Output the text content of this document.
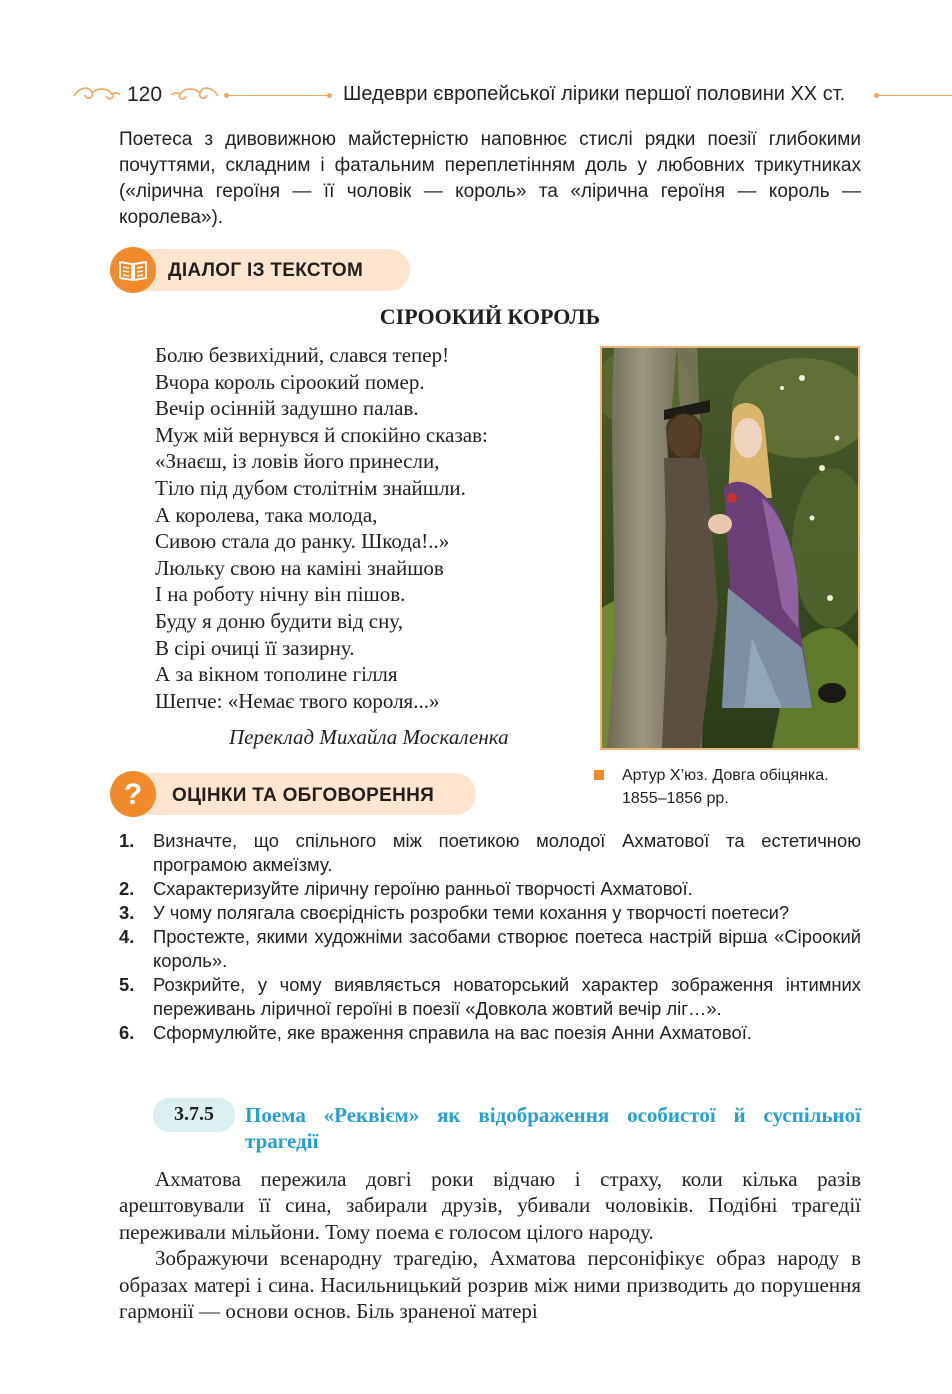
120	Шедеври європейської лірики першої половини ХХ ст.
Поетеса з дивовижною майстерністю наповнює стислі рядки поезії глибокими почуттями, складним і фатальним переплетінням доль у любовних трикутниках («лірична героїня — її чоловік — король» та «лірична героїня — король — королева»).
ДІАЛОГ ІЗ ТЕКСТОМ
СІРООКИЙ КОРОЛЬ
Болю безвихідний, слався тепер!
Вчора король сіроокий помер.
Вечір осінній задушно палав.
Муж мій вернувся й спокійно сказав:
«Знаєш, із ловів його принесли,
Тіло під дубом столітнім знайшли.
А королева, така молода,
Сивою стала до ранку. Шкода!..»
Люльку свою на каміні знайшов
І на роботу нічну він пішов.
Буду я доню будити від сну,
В сірі очиці її зазирну.
А за вікном тополине гілля
Шепче: «Немає твого короля...»
Переклад Михайла Москаленка
Артур Х’юз. Довга обіцянка.
1855–1856 рр.
? ОЦІНКИ ТА ОБГОВОРЕННЯ
1. Визначте, що спільного між поетикою молодої Ахматової та естетичною програмою акмеїзму.
2. Схарактеризуйте ліричну героїню ранньої творчості Ахматової.
3. У чому полягала своєрідність розробки теми кохання у творчості поетеси?
4. Простежте, якими художніми засобами створює поетеса настрій вірша «Сіроокий король».
5. Розкрийте, у чому виявляється новаторський характер зображення інтимних переживань ліричної героїні в поезії «Довкола жовтий вечір ліг…».
6. Сформулюйте, яке враження справила на вас поезія Анни Ахматової.
3.7.5	Поема «Реквієм» як відображення особистої й суспільної трагедії

Ахматова пережила довгі роки відчаю і страху, коли кілька разів арештовували її сина, забирали друзів, убивали чоловіків. Подібні трагедії переживали мільйони. Тому поема є голосом цілого народу.

Зображуючи всенародну трагедію, Ахматова персоніфікує образ народу в образах матері і сина. Насильницький розрив між ними призводить до порушення гармонії — основи основ. Біль зраненої матері
